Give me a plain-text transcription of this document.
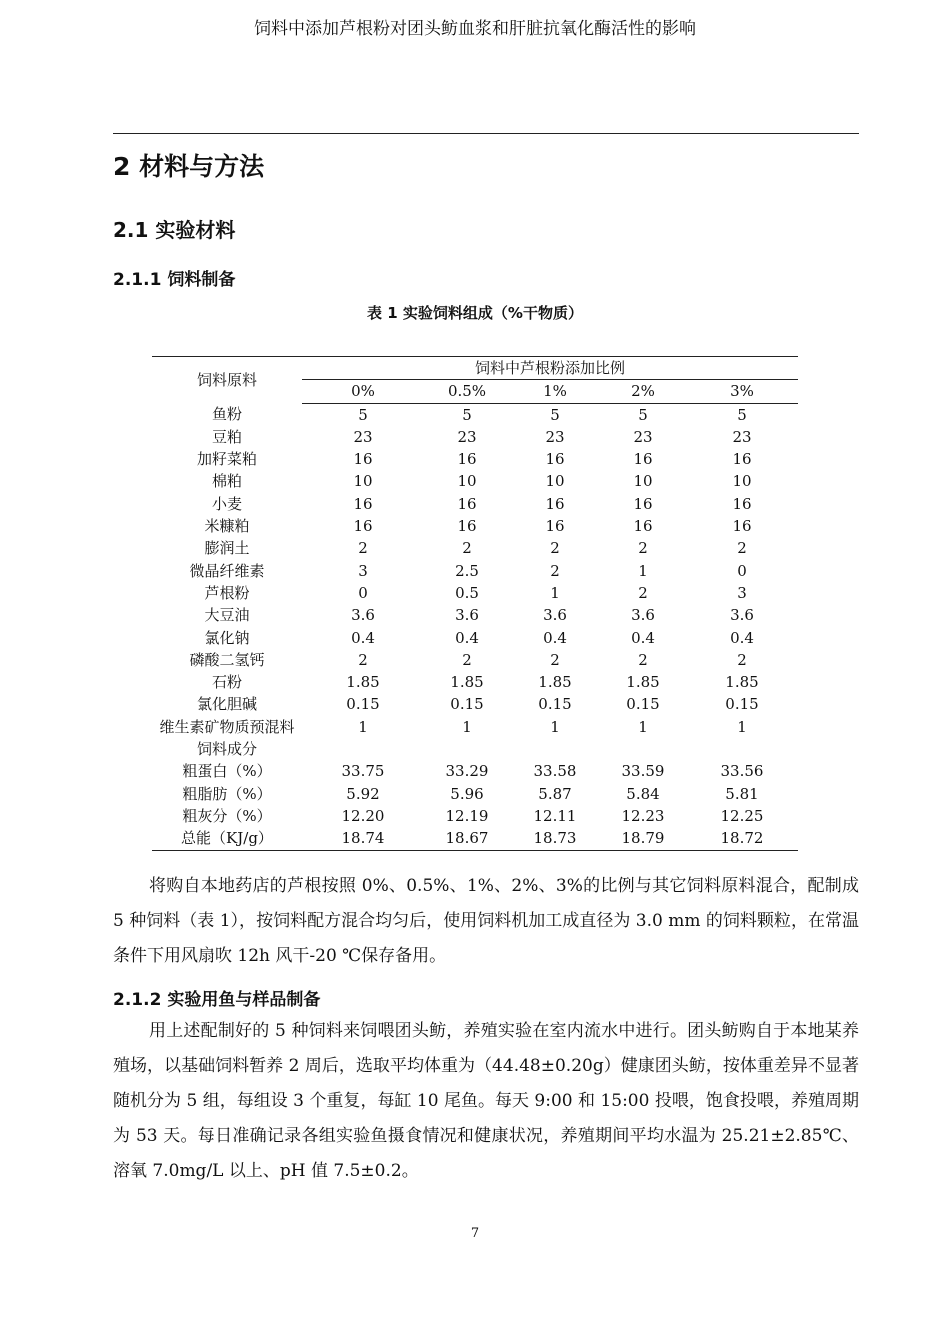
饲料中添加芦根粉对团头鲂血浆和肝脏抗氧化酶活性的影响
2 材料与方法
2.1 实验材料
2.1.1 饲料制备
表 1 实验饲料组成（%干物质）
饲料原料	饲料中芦根粉添加比例				
	0%	0.5%	1%	2%	3%
鱼粉	5	5	5	5	5
豆粕	23	23	23	23	23
加籽菜粕	16	16	16	16	16
棉粕	10	10	10	10	10
小麦	16	16	16	16	16
米糠粕	16	16	16	16	16
膨润土	2	2	2	2	2
微晶纤维素	3	2.5	2	1	0
芦根粉	0	0.5	1	2	3
大豆油	3.6	3.6	3.6	3.6	3.6
氯化钠	0.4	0.4	0.4	0.4	0.4
磷酸二氢钙	2	2	2	2	2
石粉	1.85	1.85	1.85	1.85	1.85
氯化胆碱	0.15	0.15	0.15	0.15	0.15
维生素矿物质预混料	1	1	1	1	1
饲料成分					
粗蛋白（%）	33.75	33.29	33.58	33.59	33.56
粗脂肪（%）	5.92	5.96	5.87	5.84	5.81
粗灰分（%）	12.20	12.19	12.11	12.23	12.25
总能（KJ/g）	18.74	18.67	18.73	18.79	18.72

将购自本地药店的芦根按照 0%、0.5%、1%、2%、3%的比例与其它饲料原料混合，配制成 5 种饲料（表 1），按饲料配方混合均匀后，使用饲料机加工成直径为 3.0 mm 的饲料颗粒，在常温条件下用风扇吹 12h 风干-20 ℃保存备用。

2.1.2 实验用鱼与样品制备

用上述配制好的 5 种饲料来饲喂团头鲂，养殖实验在室内流水中进行。团头鲂购自于本地某养殖场，以基础饲料暂养 2 周后，选取平均体重为（44.48±0.20g）健康团头鲂，按体重差异不显著随机分为 5 组，每组设 3 个重复，每缸 10 尾鱼。每天 9:00 和 15:00 投喂，饱食投喂，养殖周期为 53 天。每日准确记录各组实验鱼摄食情况和健康状况，养殖期间平均水温为 25.21±2.85℃、溶氧 7.0mg/L 以上、pH 值 7.5±0.2。

7
